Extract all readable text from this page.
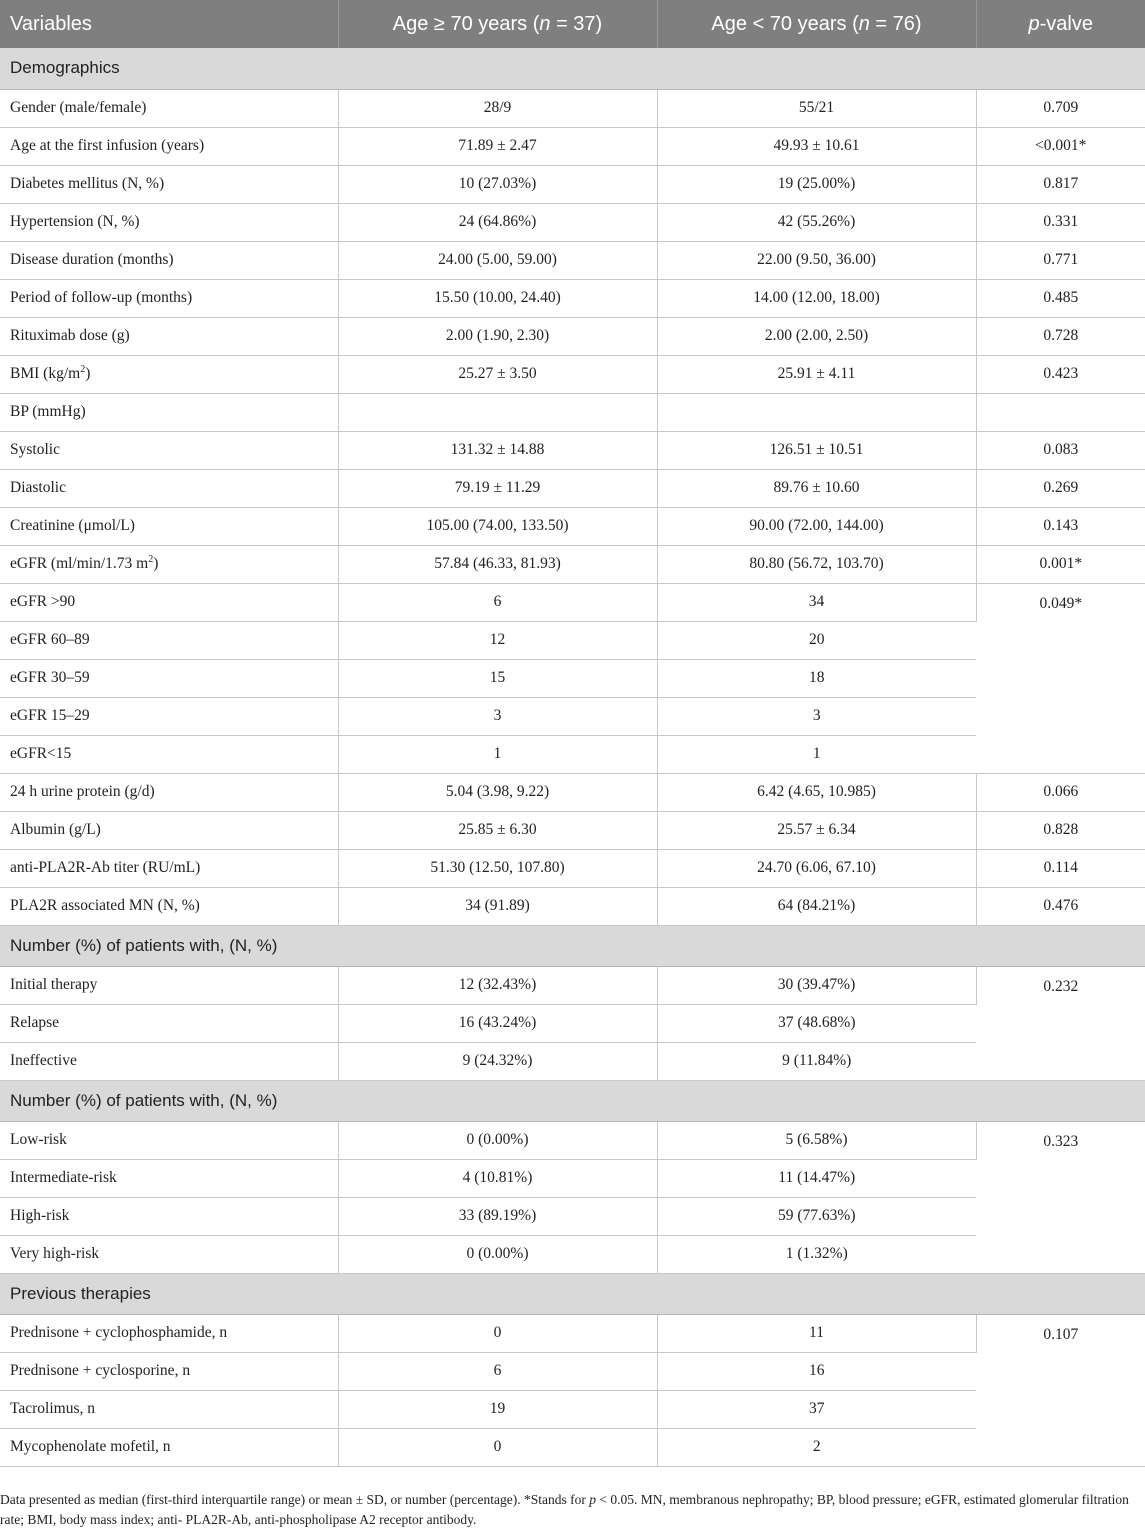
Variables	Age ≥ 70 years (n = 37)	Age < 70 years (n = 76)	p-valve
Demographics			
Gender (male/female)	28/9	55/21	0.709
Age at the first infusion (years)	71.89 ± 2.47	49.93 ± 10.61	<0.001*
Diabetes mellitus (N, %)	10 (27.03%)	19 (25.00%)	0.817
Hypertension (N, %)	24 (64.86%)	42 (55.26%)	0.331
Disease duration (months)	24.00 (5.00, 59.00)	22.00 (9.50, 36.00)	0.771
Period of follow-up (months)	15.50 (10.00, 24.40)	14.00 (12.00, 18.00)	0.485
Rituximab dose (g)	2.00 (1.90, 2.30)	2.00 (2.00, 2.50)	0.728
BMI $(kg/m^2)$	25.27 ± 3.50	25.91 ± 4.11	0.423
BP (mmHg)			
Systolic	131.32 ± 14.88	126.51 ± 10.51	0.083
Diastolic	79.19 ± 11.29	89.76 ± 10.60	0.269
Creatinine (μmol/L)	105.00 (74.00, 133.50)	90.00 (72.00, 144.00)	0.143
eGFR (ml/min/1.73 $m^2$)	57.84 (46.33, 81.93)	80.80 (56.72, 103.70)	0.001*
eGFR >90	6	34	0.049*
eGFR 60–89	12	20	
eGFR 30–59	15	18	
eGFR 15–29	3	3	
eGFR<15	1	1	
24 h urine protein (g/d)	5.04 (3.98, 9.22)	6.42 (4.65, 10.985)	0.066
Albumin (g/L)	25.85 ± 6.30	25.57 ± 6.34	0.828
anti-PLA2R-Ab titer (RU/mL)	51.30 (12.50, 107.80)	24.70 (6.06, 67.10)	0.114
PLA2R associated MN (N, %)	34 (91.89)	64 (84.21%)	0.476
Number (%) of patients with, (N, %)			
Initial therapy	12 (32.43%)	30 (39.47%)	0.232
Relapse	16 (43.24%)	37 (48.68%)	
Ineffective	9 (24.32%)	9 (11.84%)	
Number (%) of patients with, (N, %)			
Low-risk	0 (0.00%)	5 (6.58%)	0.323
Intermediate-risk	4 (10.81%)	11 (14.47%)	
High-risk	33 (89.19%)	59 (77.63%)	
Very high-risk	0 (0.00%)	1 (1.32%)	
Previous therapies			
Prednisone + cyclophosphamide, n	0	11	0.107
Prednisone + cyclosporine, n	6	16	
Tacrolimus, n	19	37	
Mycophenolate mofetil, n	0	2	

Data presented as median (first-third interquartile range) or mean ± SD, or number (percentage). *Stands for p < 0.05. MN, membranous nephropathy; BP, blood pressure; eGFR, estimated glomerular filtration rate; BMI, body mass index; anti- PLA2R-Ab, anti-phospholipase A2 receptor antibody.
